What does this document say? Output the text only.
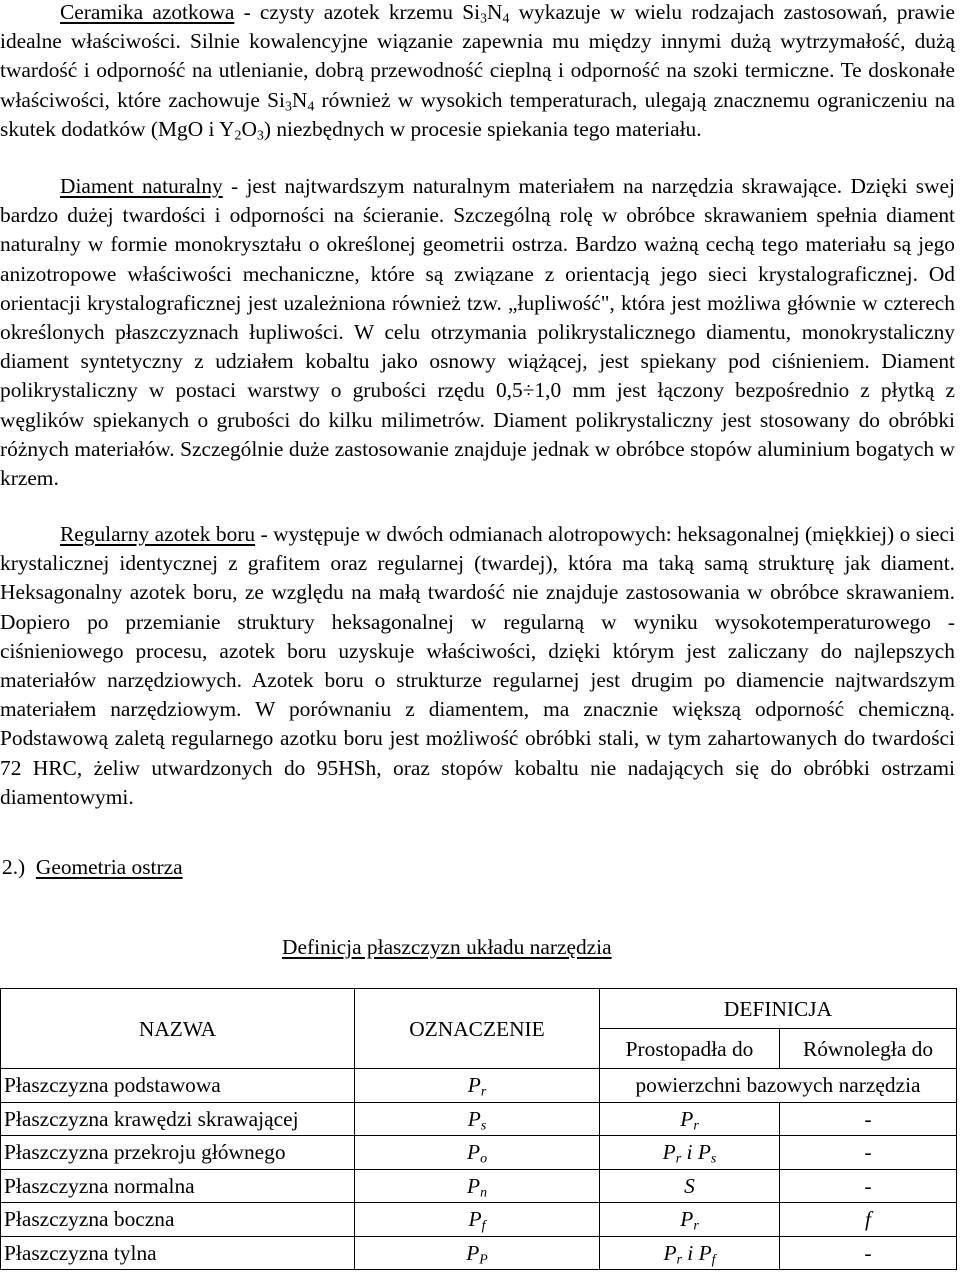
Ceramika azotkowa - czysty azotek krzemu $Si_3N_4$ wykazuje w wielu rodzajach zastosowań, prawie idealne właściwości. Silnie kowalencyjne wiązanie zapewnia mu między innymi dużą wytrzymałość, dużą twardość i odporność na utlenianie, dobrą przewodność cieplną i odporność na szoki termiczne. Te doskonałe właściwości, które zachowuje $Si_3N_4$ również w wysokich temperaturach, ulegają znacznemu ograniczeniu na skutek dodatków (MgO i $Y_2O_3$) niezbędnych w procesie spiekania tego materiału.

Diament naturalny - jest najtwardszym naturalnym materiałem na narzędzia skrawające. Dzięki swej bardzo dużej twardości i odporności na ścieranie. Szczególną rolę w obróbce skrawaniem spełnia diament naturalny w formie monokryształu o określonej geometrii ostrza. Bardzo ważną cechą tego materiału są jego anizotropowe właściwości mechaniczne, które są związane z orientacją jego sieci krystalograficznej. Od orientacji krystalograficznej jest uzależniona również tzw. „łupliwość", która jest możliwa głównie w czterech określonych płaszczyznach łupliwości. W celu otrzymania polikrystalicznego diamentu, monokrystaliczny diament syntetyczny z udziałem kobaltu jako osnowy wiążącej, jest spiekany pod ciśnieniem. Diament polikrystaliczny w postaci warstwy o grubości rzędu 0,5÷1,0 mm jest łączony bezpośrednio z płytką z węglików spiekanych o grubości do kilku milimetrów. Diament polikrystaliczny jest stosowany do obróbki różnych materiałów. Szczególnie duże zastosowanie znajduje jednak w obróbce stopów aluminium bogatych w krzem.

Regularny azotek boru - występuje w dwóch odmianach alotropowych: heksagonalnej (miękkiej) o sieci krystalicznej identycznej z grafitem oraz regularnej (twardej), która ma taką samą strukturę jak diament. Heksagonalny azotek boru, ze względu na małą twardość nie znajduje zastosowania w obróbce skrawaniem. Dopiero po przemianie struktury heksagonalnej w regularną w wyniku wysokotemperaturowego - ciśnieniowego procesu, azotek boru uzyskuje właściwości, dzięki którym jest zaliczany do najlepszych materiałów narzędziowych. Azotek boru o strukturze regularnej jest drugim po diamencie najtwardszym materiałem narzędziowym. W porównaniu z diamentem, ma znacznie większą odporność chemiczną. Podstawową zaletą regularnego azotku boru jest możliwość obróbki stali, w tym zahartowanych do twardości 72 HRC, żeliw utwardzonych do 95HSh, oraz stopów kobaltu nie nadających się do obróbki ostrzami diamentowymi.

2.) Geometria ostrza

Definicja płaszczyzn układu narzędzia

NAZWA	OZNACZENIE	DEFINICJA	
		Prostopadła do	Równoległa do
Płaszczyzna podstawowa	$P_r$	powierzchni bazowych narzędzia	
Płaszczyzna krawędzi skrawającej	$P_s$	$P_r$	-
Płaszczyzna przekroju głównego	$P_o$	$P_r$ i $P_s$	-
Płaszczyzna normalna	$P_n$	S	-
Płaszczyzna boczna	$P_f$	$P_r$	f
Płaszczyzna tylna	$P_P$	$P_r$ i $P_f$	-
